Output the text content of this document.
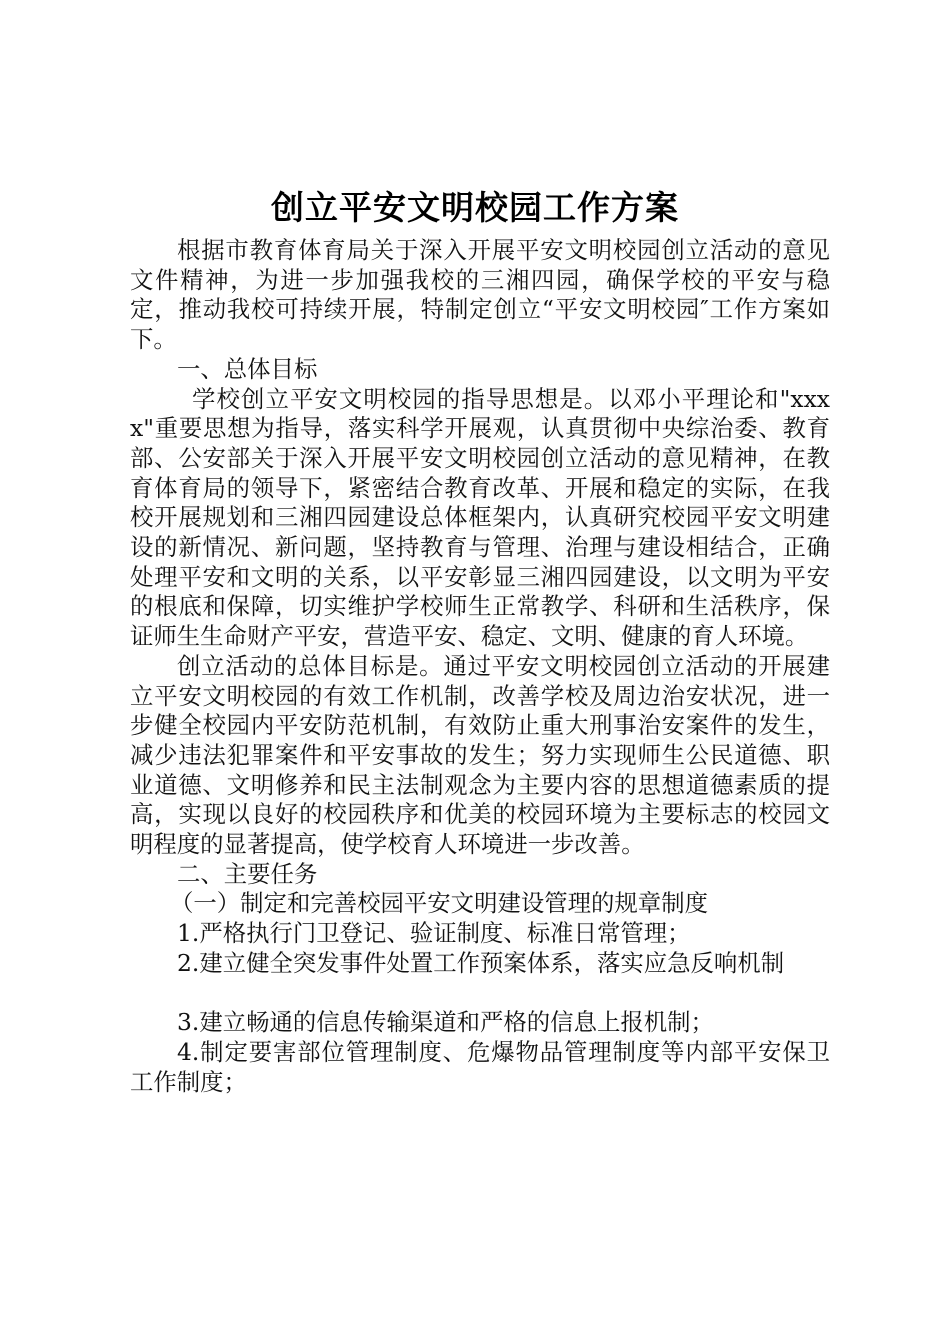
创立平安文明校园工作方案

根据市教育体育局关于深入开展平安文明校园创立活动的意见文件精神，为进一步加强我校的三湘四园，确保学校的平安与稳定，推动我校可持续开展，特制定创立“平安文明校园″工作方案如下。

一、总体目标

学校创立平安文明校园的指导思想是。以邓小平理论和"xxxx"重要思想为指导，落实科学开展观，认真贯彻中央综治委、教育部、公安部关于深入开展平安文明校园创立活动的意见精神，在教育体育局的领导下，紧密结合教育改革、开展和稳定的实际，在我校开展规划和三湘四园建设总体框架内，认真研究校园平安文明建设的新情况、新问题，坚持教育与管理、治理与建设相结合，正确处理平安和文明的关系，以平安彰显三湘四园建设，以文明为平安的根底和保障，切实维护学校师生正常教学、科研和生活秩序，保证师生生命财产平安，营造平安、稳定、文明、健康的育人环境。

创立活动的总体目标是。通过平安文明校园创立活动的开展建立平安文明校园的有效工作机制，改善学校及周边治安状况，进一步健全校园内平安防范机制，有效防止重大刑事治安案件的发生，减少违法犯罪案件和平安事故的发生；努力实现师生公民道德、职业道德、文明修养和民主法制观念为主要内容的思想道德素质的提高，实现以良好的校园秩序和优美的校园环境为主要标志的校园文明程度的显著提高，使学校育人环境进一步改善。

二、主要任务

（一）制定和完善校园平安文明建设管理的规章制度

1.严格执行门卫登记、验证制度、标准日常管理；

2.建立健全突发事件处置工作预案体系，落实应急反响机制

3.建立畅通的信息传输渠道和严格的信息上报机制；

4.制定要害部位管理制度、危爆物品管理制度等内部平安保卫工作制度；
